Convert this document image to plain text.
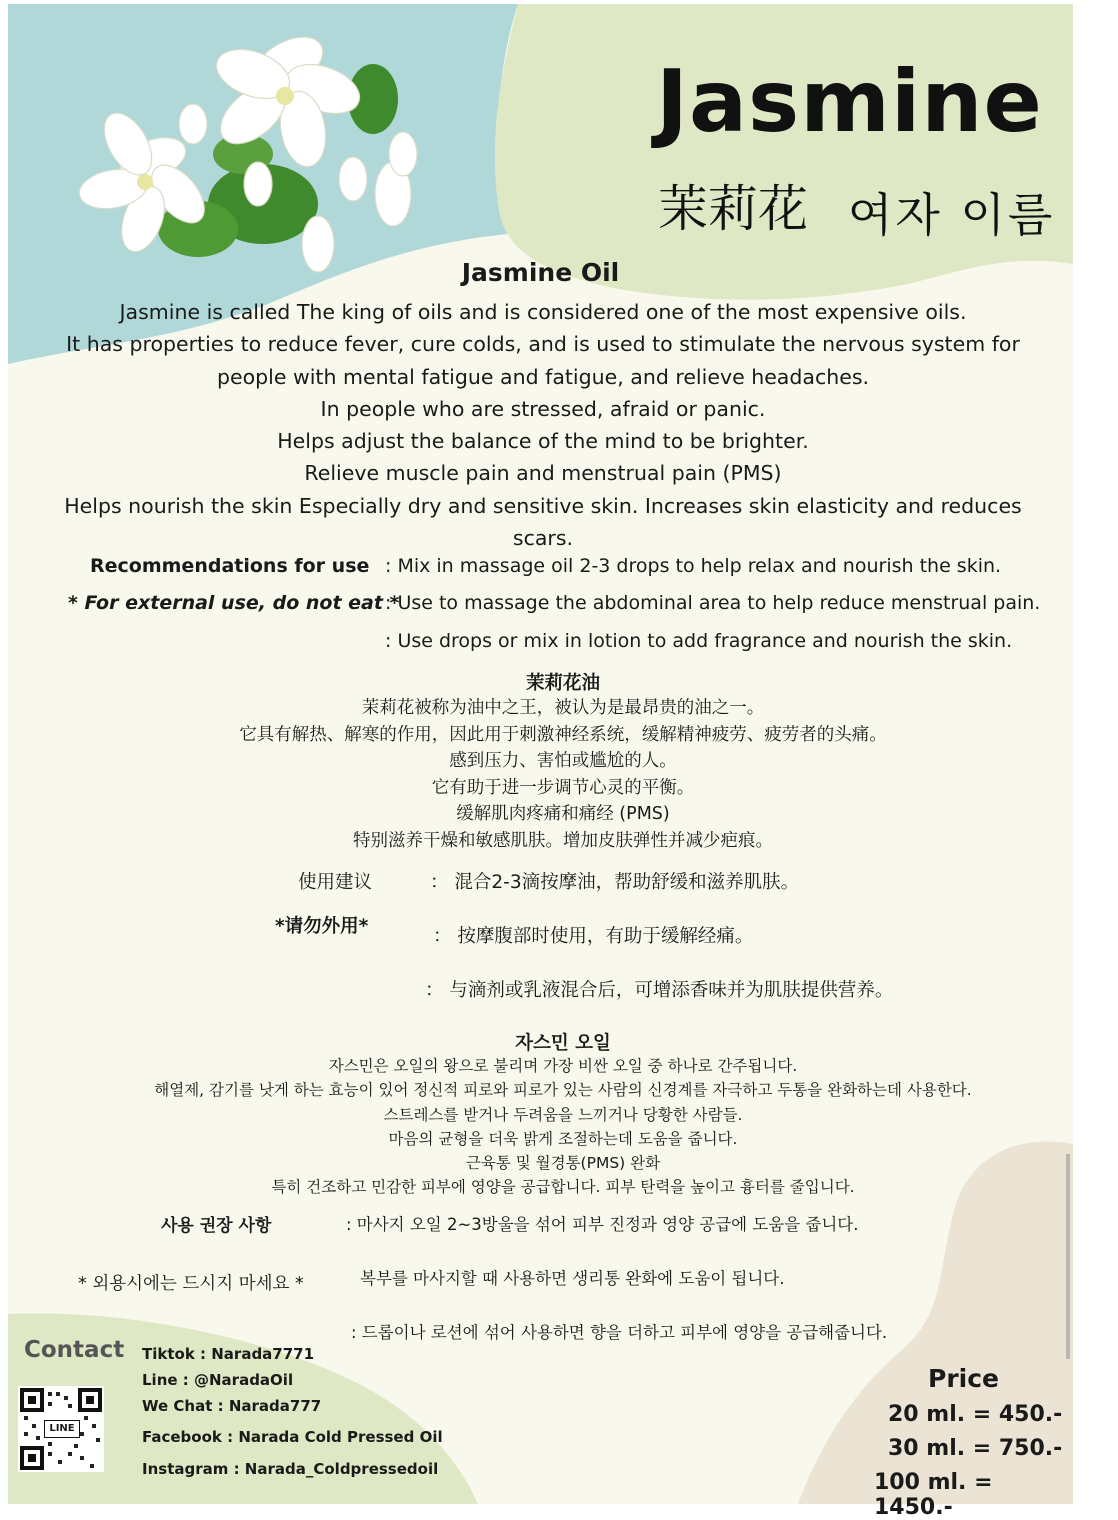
Jasmine
茉莉花 여자 이름
Jasmine Oil
Jasmine is called The king of oils and is considered one of the most expensive oils.
It has properties to reduce fever, cure colds, and is used to stimulate the nervous system for people with mental fatigue and fatigue, and relieve headaches.
In people who are stressed, afraid or panic.
Helps adjust the balance of the mind to be brighter.
Relieve muscle pain and menstrual pain (PMS)
Helps nourish the skin Especially dry and sensitive skin. Increases skin elasticity and reduces scars.
Recommendations for use
* For external use, do not eat *
: Mix in massage oil 2-3 drops to help relax and nourish the skin.
: Use to massage the abdominal area to help reduce menstrual pain.
: Use drops or mix in lotion to add fragrance and nourish the skin.
茉莉花油
茉莉花被称为油中之王，被认为是最昂贵的油之一。
它具有解热、解寒的作用，因此用于刺激神经系统，缓解精神疲劳、疲劳者的头痛。
感到压力、害怕或尴尬的人。
它有助于进一步调节心灵的平衡。
缓解肌肉疼痛和痛经 (PMS)
特别滋养干燥和敏感肌肤。增加皮肤弹性并减少疤痕。
使用建议
*请勿外用*
： 混合2-3滴按摩油，帮助舒缓和滋养肌肤。
： 按摩腹部时使用，有助于缓解经痛。
： 与滴剂或乳液混合后，可增添香味并为肌肤提供营养。
자스민 오일
자스민은 오일의 왕으로 불리며 가장 비싼 오일 중 하나로 간주됩니다.
해열제, 감기를 낫게 하는 효능이 있어 정신적 피로와 피로가 있는 사람의 신경계를 자극하고 두통을 완화하는데 사용한다.
스트레스를 받거나 두려움을 느끼거나 당황한 사람들.
마음의 균형을 더욱 밝게 조절하는데 도움을 줍니다.
근육통 및 월경통(PMS) 완화
특히 건조하고 민감한 피부에 영양을 공급합니다. 피부 탄력을 높이고 흉터를 줄입니다.
사용 권장 사항
* 외용시에는 드시지 마세요 *
: 마사지 오일 2~3방울을 섞어 피부 진정과 영양 공급에 도움을 줍니다.
복부를 마사지할 때 사용하면 생리통 완화에 도움이 됩니다.
: 드롭이나 로션에 섞어 사용하면 향을 더하고 피부에 영양을 공급해줍니다.
Contact Tiktok : Narada7771
Line : @NaradaOil
We Chat : Narada777
Facebook : Narada Cold Pressed Oil
Instagram : Narada_Coldpressedoil
LINE
Price
20 ml. = 450.-
30 ml. = 750.-
100 ml. = 1450.-
